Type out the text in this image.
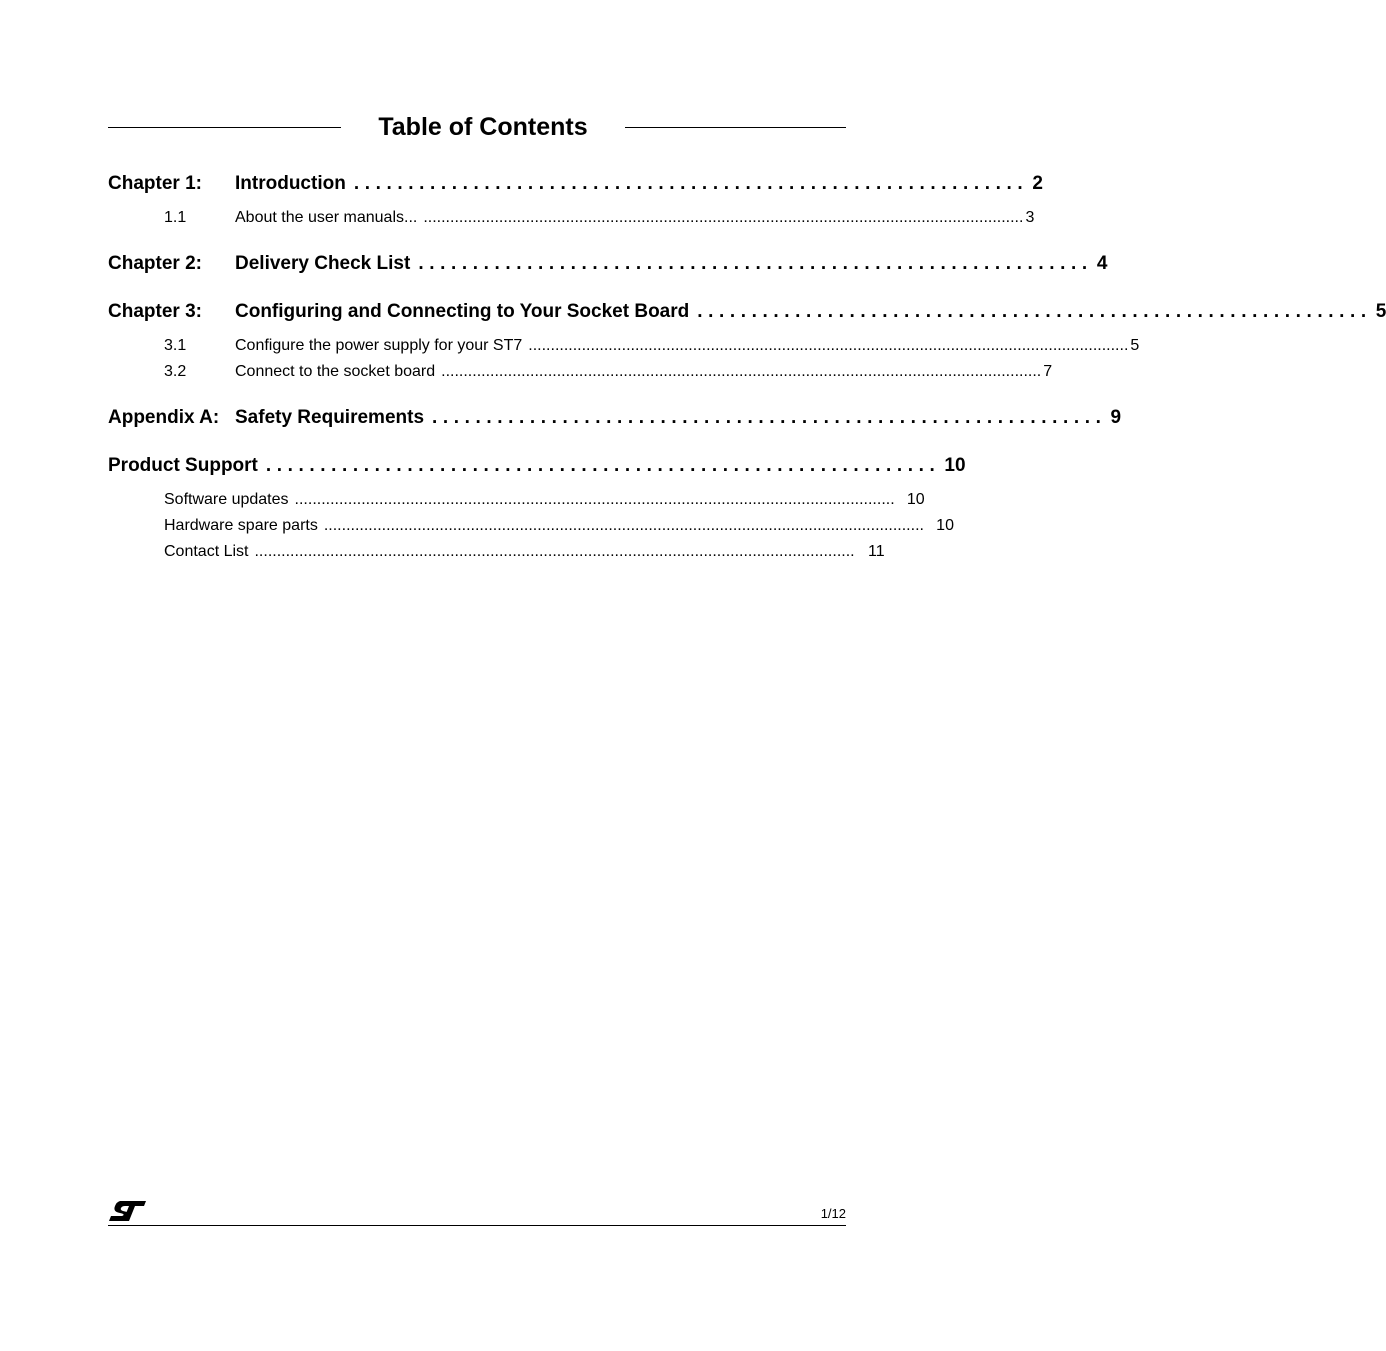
Table of Contents
Chapter 1:	Introduction .............................................................. 2
1.1	About the user manuals... ....................................................................................................................................... 3
Chapter 2:	Delivery Check List .............................................................. 4
Chapter 3:	Configuring and Connecting to Your Socket Board .............................................................. 5
3.1	Configure the power supply for your ST7 ....................................................................................................................................... 5
3.2	Connect to the socket board ....................................................................................................................................... 7
Appendix A: Safety Requirements .............................................................. 9
Product Support .............................................................. 10
Software updates ....................................................................................................................................... 10
Hardware spare parts ....................................................................................................................................... 10
Contact List ....................................................................................................................................... 11
1/12
